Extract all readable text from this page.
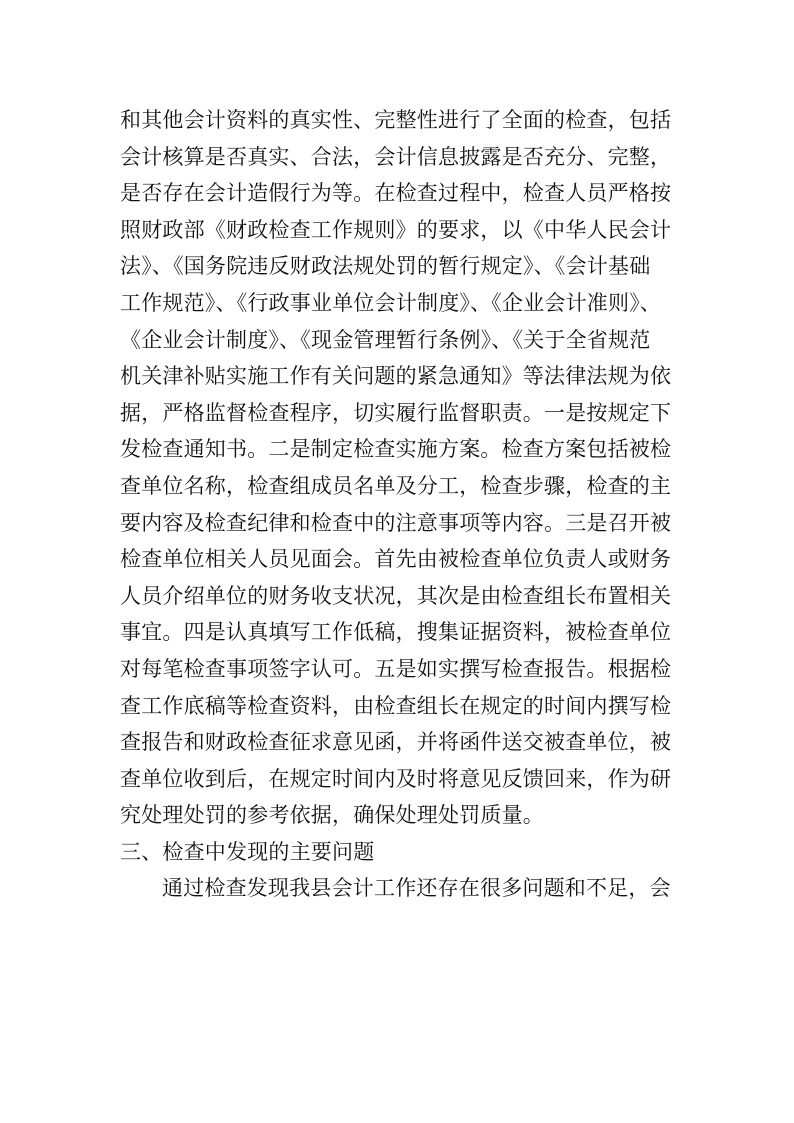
和其他会计资料的真实性、完整性进行了全面的检查，包括
会计核算是否真实、合法，会计信息披露是否充分、完整，
是否存在会计造假行为等。在检查过程中，检查人员严格按
照财政部《财政检查工作规则》的要求，以《中华人民会计
法》、《国务院违反财政法规处罚的暂行规定》、《会计基础
工作规范》、《行政事业单位会计制度》、《企业会计准则》、
《企业会计制度》、《现金管理暂行条例》、《关于全省规范
机关津补贴实施工作有关问题的紧急通知》等法律法规为依
据，严格监督检查程序，切实履行监督职责。一是按规定下
发检查通知书。二是制定检查实施方案。检查方案包括被检
查单位名称，检查组成员名单及分工，检查步骤，检查的主
要内容及检查纪律和检查中的注意事项等内容。三是召开被
检查单位相关人员见面会。首先由被检查单位负责人或财务
人员介绍单位的财务收支状况，其次是由检查组长布置相关
事宜。四是认真填写工作低稿，搜集证据资料，被检查单位
对每笔检查事项签字认可。五是如实撰写检查报告。根据检
查工作底稿等检查资料，由检查组长在规定的时间内撰写检
查报告和财政检查征求意见函，并将函件送交被查单位，被
查单位收到后，在规定时间内及时将意见反馈回来，作为研
究处理处罚的参考依据，确保处理处罚质量。
三、检查中发现的主要问题
通过检查发现我县会计工作还存在很多问题和不足，会
